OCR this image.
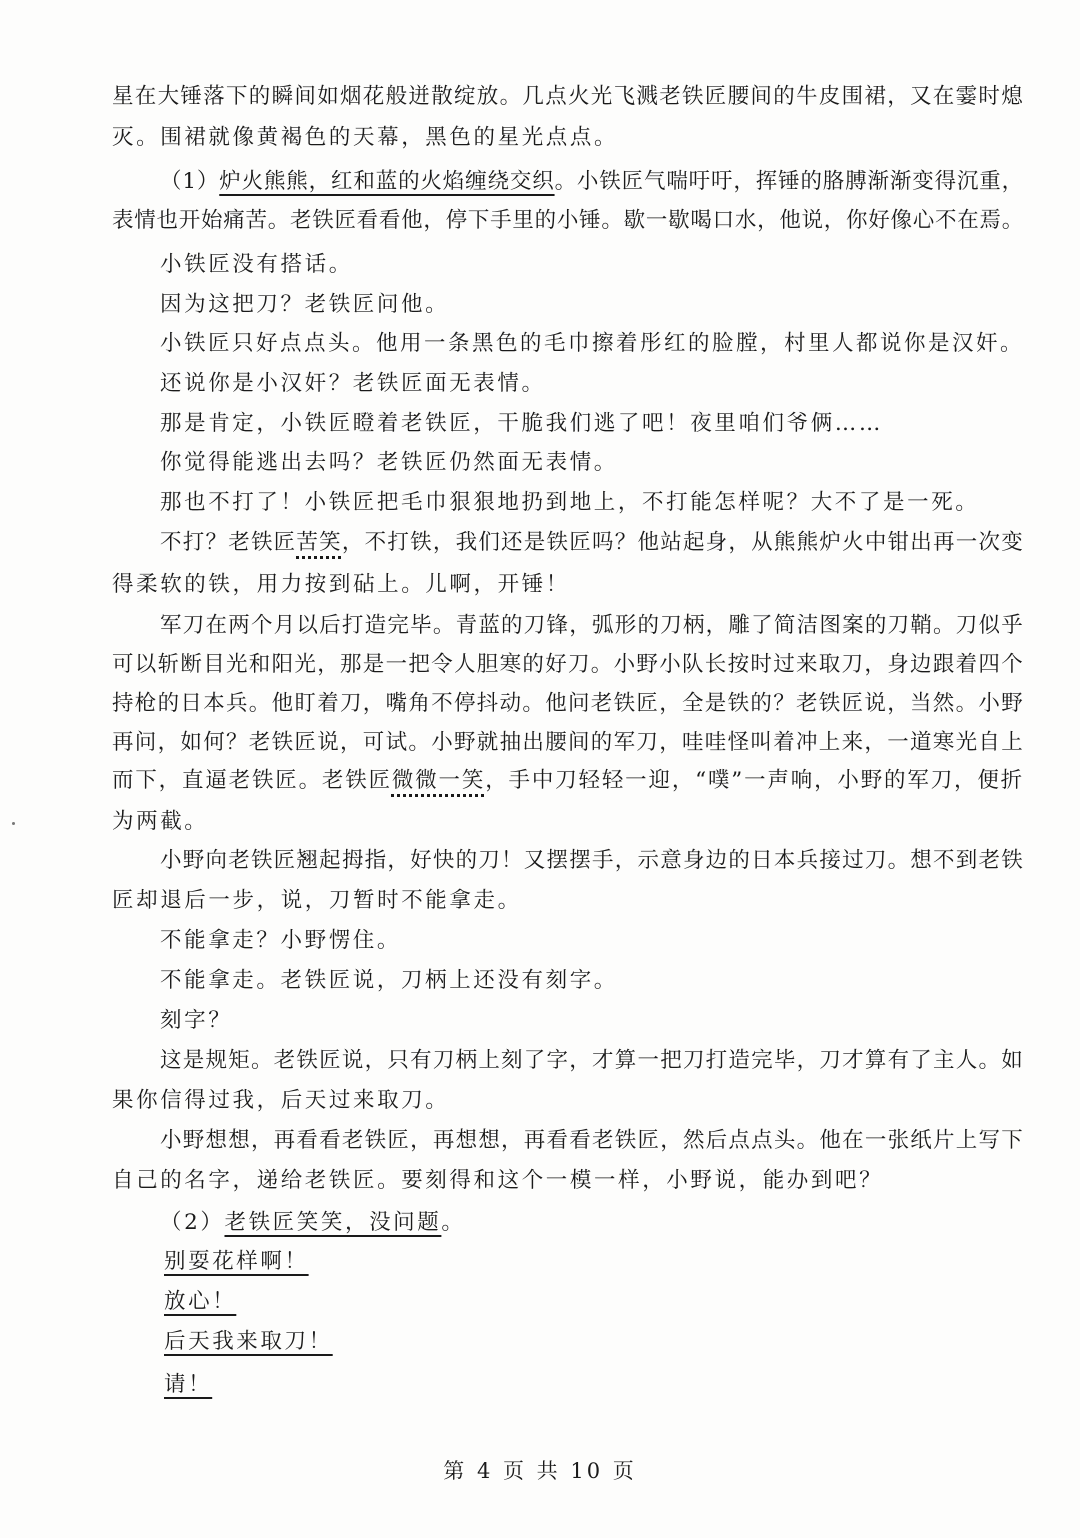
星在大锤落下的瞬间如烟花般迸散绽放。几点火光飞溅老铁匠腰间的牛皮围裙，又在霎时熄
灭。围裙就像黄褐色的天幕，黑色的星光点点。
（1）炉火熊熊，红和蓝的火焰缠绕交织。小铁匠气喘吁吁，挥锤的胳膊渐渐变得沉重，
表情也开始痛苦。老铁匠看看他，停下手里的小锤。歇一歇喝口水，他说，你好像心不在焉。
小铁匠没有搭话。
因为这把刀？老铁匠问他。
小铁匠只好点点头。他用一条黑色的毛巾擦着彤红的脸膛，村里人都说你是汉奸。
还说你是小汉奸？老铁匠面无表情。
那是肯定，小铁匠瞪着老铁匠，干脆我们逃了吧！夜里咱们爷俩……
你觉得能逃出去吗？老铁匠仍然面无表情。
那也不打了！小铁匠把毛巾狠狠地扔到地上，不打能怎样呢？大不了是一死。
不打？老铁匠苦笑，不打铁，我们还是铁匠吗？他站起身，从熊熊炉火中钳出再一次变
得柔软的铁，用力按到砧上。儿啊，开锤！
军刀在两个月以后打造完毕。青蓝的刀锋，弧形的刀柄，雕了简洁图案的刀鞘。刀似乎
可以斩断目光和阳光，那是一把令人胆寒的好刀。小野小队长按时过来取刀，身边跟着四个
持枪的日本兵。他盯着刀，嘴角不停抖动。他问老铁匠，全是铁的？老铁匠说，当然。小野
再问，如何？老铁匠说，可试。小野就抽出腰间的军刀，哇哇怪叫着冲上来，一道寒光自上
而下，直逼老铁匠。老铁匠微微一笑，手中刀轻轻一迎，“噗”一声响，小野的军刀，便折
为两截。
小野向老铁匠翘起拇指，好快的刀！又摆摆手，示意身边的日本兵接过刀。想不到老铁
匠却退后一步，说，刀暂时不能拿走。
不能拿走？小野愣住。
不能拿走。老铁匠说，刀柄上还没有刻字。
刻字？
这是规矩。老铁匠说，只有刀柄上刻了字，才算一把刀打造完毕，刀才算有了主人。如
果你信得过我，后天过来取刀。
小野想想，再看看老铁匠，再想想，再看看老铁匠，然后点点头。他在一张纸片上写下
自己的名字，递给老铁匠。要刻得和这个一模一样，小野说，能办到吧？
（2）老铁匠笑笑，没问题。
别耍花样啊！
放心！
后天我来取刀！
请！
第 4 页 共 10 页
